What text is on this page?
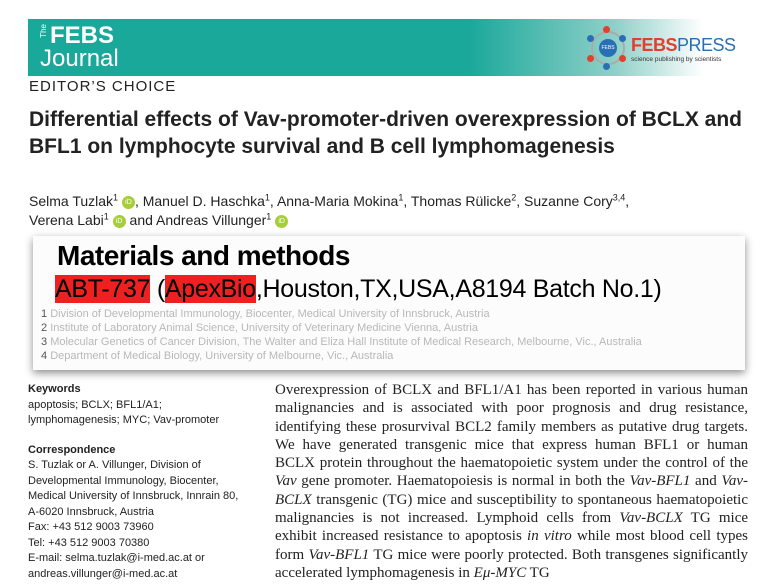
The FEBS
Journal	FEBS FEBSPRESS
science publishing by scientists
EDITOR’S CHOICE
Differential effects of Vav-promoter-driven overexpression of BCLX and BFL1 on lymphocyte survival and B cell lymphomagenesis
Selma Tuzlak$^1$ iD , Manuel D. Haschka$^1$, Anna-Maria Mokina$^1$, Thomas Rülicke$^2$, Suzanne Cory$^{3,4}$,
Verena Labi$^1$ iD and Andreas Villunger$^1$ iD
Materials and methods
ABT-737 (ApexBio,Houston,TX,USA,A8194 Batch No.1)
1 Division of Developmental Immunology, Biocenter, Medical University of Innsbruck, Austria
2 Institute of Laboratory Animal Science, University of Veterinary Medicine Vienna, Austria
3 Molecular Genetics of Cancer Division, The Walter and Eliza Hall Institute of Medical Research, Melbourne, Vic., Australia
4 Department of Medical Biology, University of Melbourne, Vic., Australia
Keywords
apoptosis; BCLX; BFL1/A1;
lymphomagenesis; MYC; Vav-promoter
Correspondence
S. Tuzlak or A. Villunger, Division of
Developmental Immunology, Biocenter,
Medical University of Innsbruck, Innrain 80,
A-6020 Innsbruck, Austria
Fax: +43 512 9003 73960
Tel: +43 512 9003 70380
E-mail: selma.tuzlak@i-med.ac.at or
andreas.villunger@i-med.ac.at
Overexpression of BCLX and BFL1/A1 has been reported in various human malignancies and is associated with poor prognosis and drug resistance, identifying these prosurvival BCL2 family members as putative drug targets. We have generated transgenic mice that express human BFL1 or human BCLX protein throughout the haematopoietic system under the control of the Vav gene promoter. Haematopoiesis is normal in both the Vav-BFL1 and Vav-BCLX transgenic (TG) mice and susceptibility to spontaneous haematopoietic malignancies is not increased. Lymphoid cells from Vav-BCLX TG mice exhibit increased resistance to apoptosis in vitro while most blood cell types form Vav-BFL1 TG mice were poorly protected. Both transgenes significantly accelerated lymphomagenesis in Eμ-MYC TG
